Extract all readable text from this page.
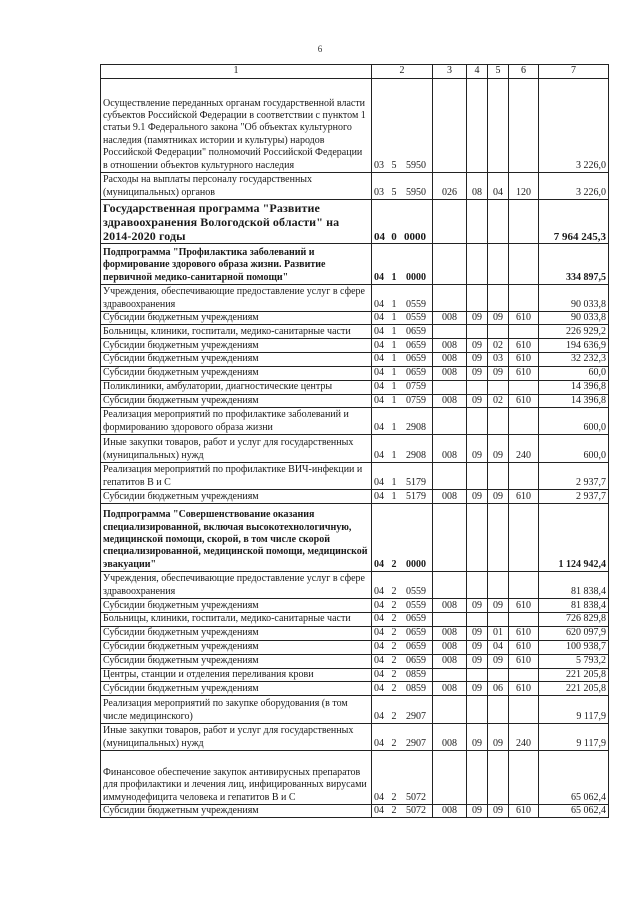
6
1	2	3	4	5	6	7
Осуществление переданных органам государственной власти субъектов Российской Федерации в соответствии с пунктом 1 статьи 9.1 Федерального закона "Об объектах культурного наследия (памятниках истории и культуры) народов Российской Федерации" полномочий Российской Федерации в отношении объектов культурного наследия	03 5 5950					3 226,0
Расходы на выплаты персоналу государственных (муниципальных) органов	03 5 5950	026	08	04	120	3 226,0
Государственная программа "Развитие здравоохранения Вологодской области" на 2014-2020 годы	04 0 0000					7 964 245,3
Подпрограмма "Профилактика заболеваний и формирование здорового образа жизни. Развитие первичной медико-санитарной помощи"	04 1 0000					334 897,5
Учреждения, обеспечивающие предоставление услуг в сфере здравоохранения	04 1 0559					90 033,8
Субсидии бюджетным учреждениям	04 1 0559	008	09	09	610	90 033,8
Больницы, клиники, госпитали, медико-санитарные части	04 1 0659					226 929,2
Субсидии бюджетным учреждениям	04 1 0659	008	09	02	610	194 636,9
Субсидии бюджетным учреждениям	04 1 0659	008	09	03	610	32 232,3
Субсидии бюджетным учреждениям	04 1 0659	008	09	09	610	60,0
Поликлиники, амбулатории, диагностические центры	04 1 0759					14 396,8
Субсидии бюджетным учреждениям	04 1 0759	008	09	02	610	14 396,8
Реализация мероприятий по профилактике заболеваний и формированию здорового образа жизни	04 1 2908					600,0
Иные закупки товаров, работ и услуг для государственных (муниципальных) нужд	04 1 2908	008	09	09	240	600,0
Реализация мероприятий по профилактике ВИЧ-инфекции и гепатитов В и С	04 1 5179					2 937,7
Субсидии бюджетным учреждениям	04 1 5179	008	09	09	610	2 937,7
Подпрограмма "Совершенствование оказания специализированной, включая высокотехнологичную, медицинской помощи, скорой, в том числе скорой специализированной, медицинской помощи, медицинской эвакуации"	04 2 0000					1 124 942,4
Учреждения, обеспечивающие предоставление услуг в сфере здравоохранения	04 2 0559					81 838,4
Субсидии бюджетным учреждениям	04 2 0559	008	09	09	610	81 838,4
Больницы, клиники, госпитали, медико-санитарные части	04 2 0659					726 829,8
Субсидии бюджетным учреждениям	04 2 0659	008	09	01	610	620 097,9
Субсидии бюджетным учреждениям	04 2 0659	008	09	04	610	100 938,7
Субсидии бюджетным учреждениям	04 2 0659	008	09	09	610	5 793,2
Центры, станции и отделения переливания крови	04 2 0859					221 205,8
Субсидии бюджетным учреждениям	04 2 0859	008	09	06	610	221 205,8
Реализация мероприятий по закупке оборудования (в том числе медицинского)	04 2 2907					9 117,9
Иные закупки товаров, работ и услуг для государственных (муниципальных) нужд	04 2 2907	008	09	09	240	9 117,9
Финансовое обеспечение закупок антивирусных препаратов для профилактики и лечения лиц, инфицированных вирусами иммунодефицита человека и гепатитов В и С	04 2 5072					65 062,4
Субсидии бюджетным учреждениям	04 2 5072	008	09	09	610	65 062,4
